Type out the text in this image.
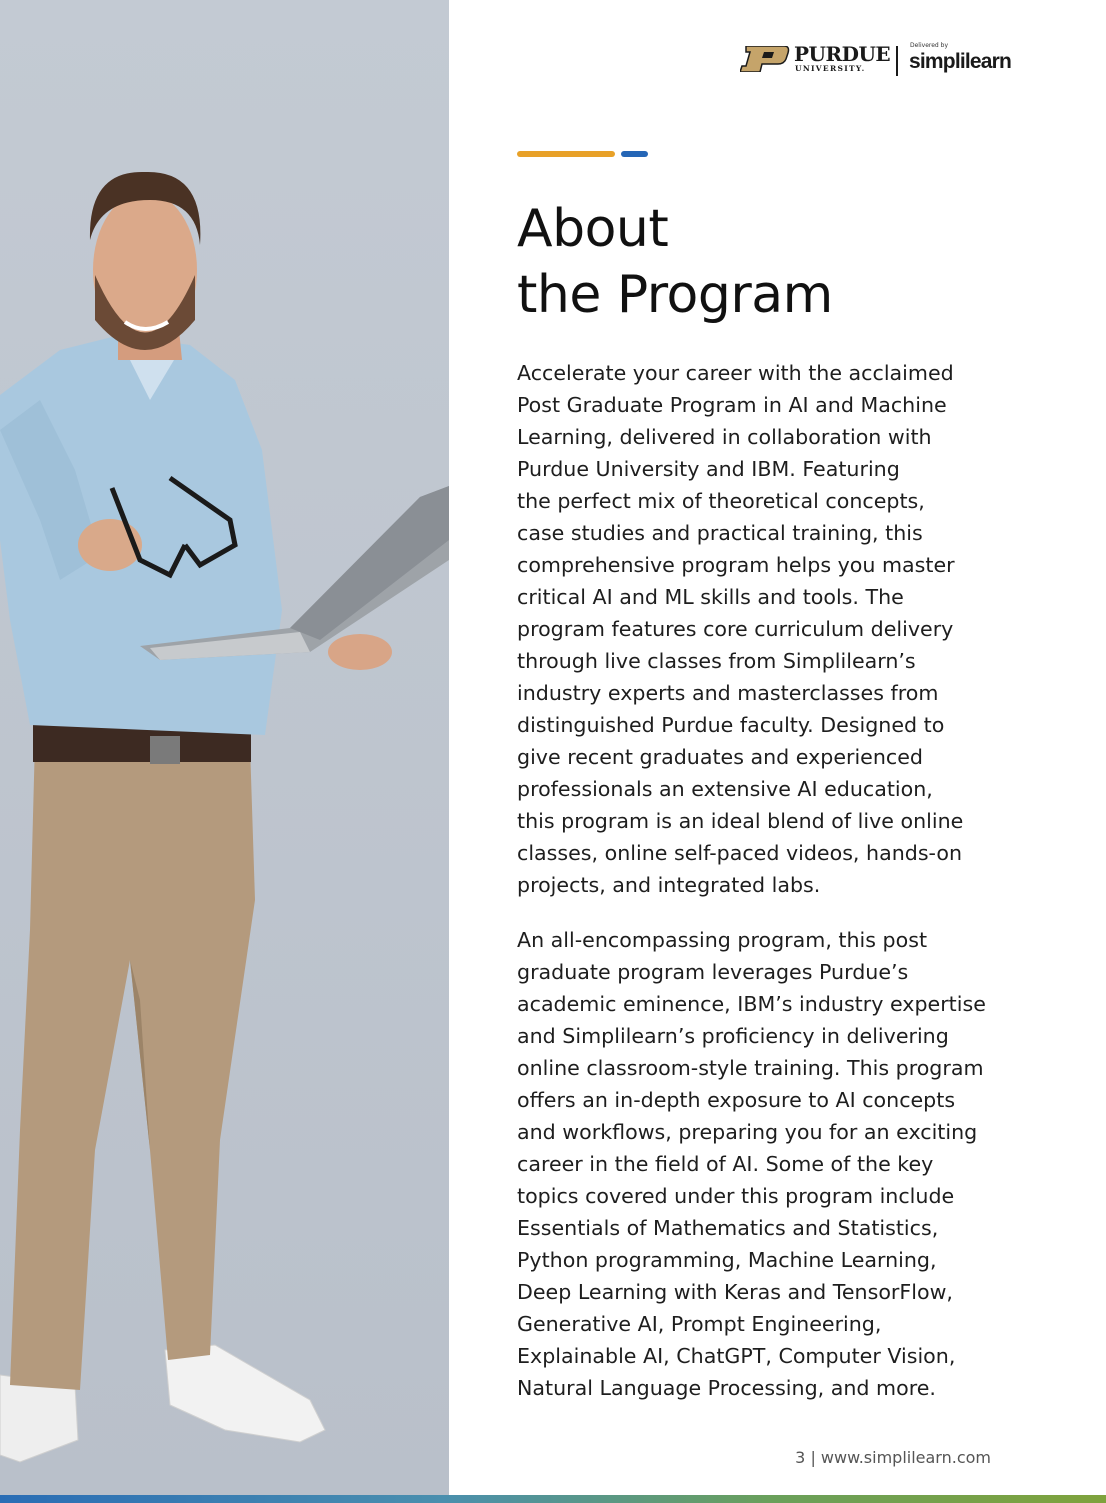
PURDUE
UNIVERSITY.
Delivered by
simplilearn
About
the Program

Accelerate your career with the acclaimed
Post Graduate Program in AI and Machine
Learning, delivered in collaboration with
Purdue University and IBM. Featuring
the perfect mix of theoretical concepts,
case studies and practical training, this
comprehensive program helps you master
critical AI and ML skills and tools. The
program features core curriculum delivery
through live classes from Simplilearn’s
industry experts and masterclasses from
distinguished Purdue faculty. Designed to
give recent graduates and experienced
professionals an extensive AI education,
this program is an ideal blend of live online
classes, online self-paced videos, hands-on
projects, and integrated labs.

An all-encompassing program, this post
graduate program leverages Purdue’s
academic eminence, IBM’s industry expertise
and Simplilearn’s proficiency in delivering
online classroom-style training. This program
offers an in-depth exposure to AI concepts
and workflows, preparing you for an exciting
career in the field of AI. Some of the key
topics covered under this program include
Essentials of Mathematics and Statistics,
Python programming, Machine Learning,
Deep Learning with Keras and TensorFlow,
Generative AI, Prompt Engineering,
Explainable AI, ChatGPT, Computer Vision,
Natural Language Processing, and more.

3 | www.simplilearn.com
